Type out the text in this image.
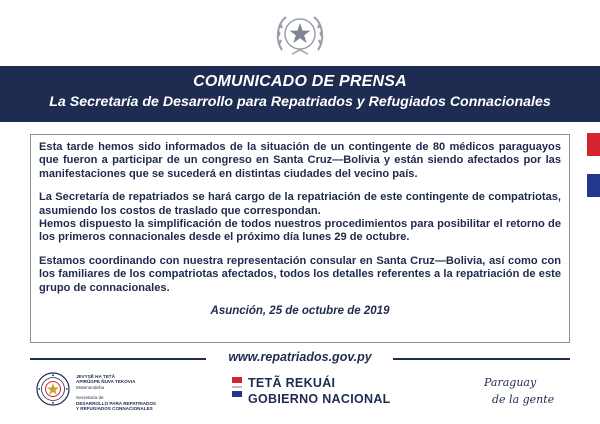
COMUNICADO DE PRENSA
La Secretaría de Desarrollo para Repatriados y Refugiados Connacionales

Esta tarde hemos sido informados de la situación de un contingente de 80 médicos paraguayos que fueron a participar de un congreso en Santa Cruz—Bolivia y están siendo afectados por las manifestaciones que se sucederá en distintas ciudades del vecino país.

La Secretaría de repatriados se hará cargo de la repatriación de este contingente de compatriotas, asumiendo los costos de traslado que correspondan.

Hemos dispuesto la simplificación de todos nuestros procedimientos para posibilitar el retorno de los primeros connacionales desde el próximo día lunes 29 de octubre.

Estamos coordinando con nuestra representación consular en Santa Cruz—Bolivia, así como con los familiares de los compatriotas afectados, todos los detalles referentes a la repatriación de este grupo de connacionales.

Asunción, 25 de octubre de 2019

www.repatriados.gov.py
JEVYSẼ HA TETÃ
APIRÛGPE ÑUVA TEKOVIA
Motenondeha
Secretaría de
DESARROLLO PARA REPATRIADOS
Y REFUGIADOS CONNACIONALES
TETÃ REKUÁI
GOBIERNO NACIONAL
Paraguay
de la gente
